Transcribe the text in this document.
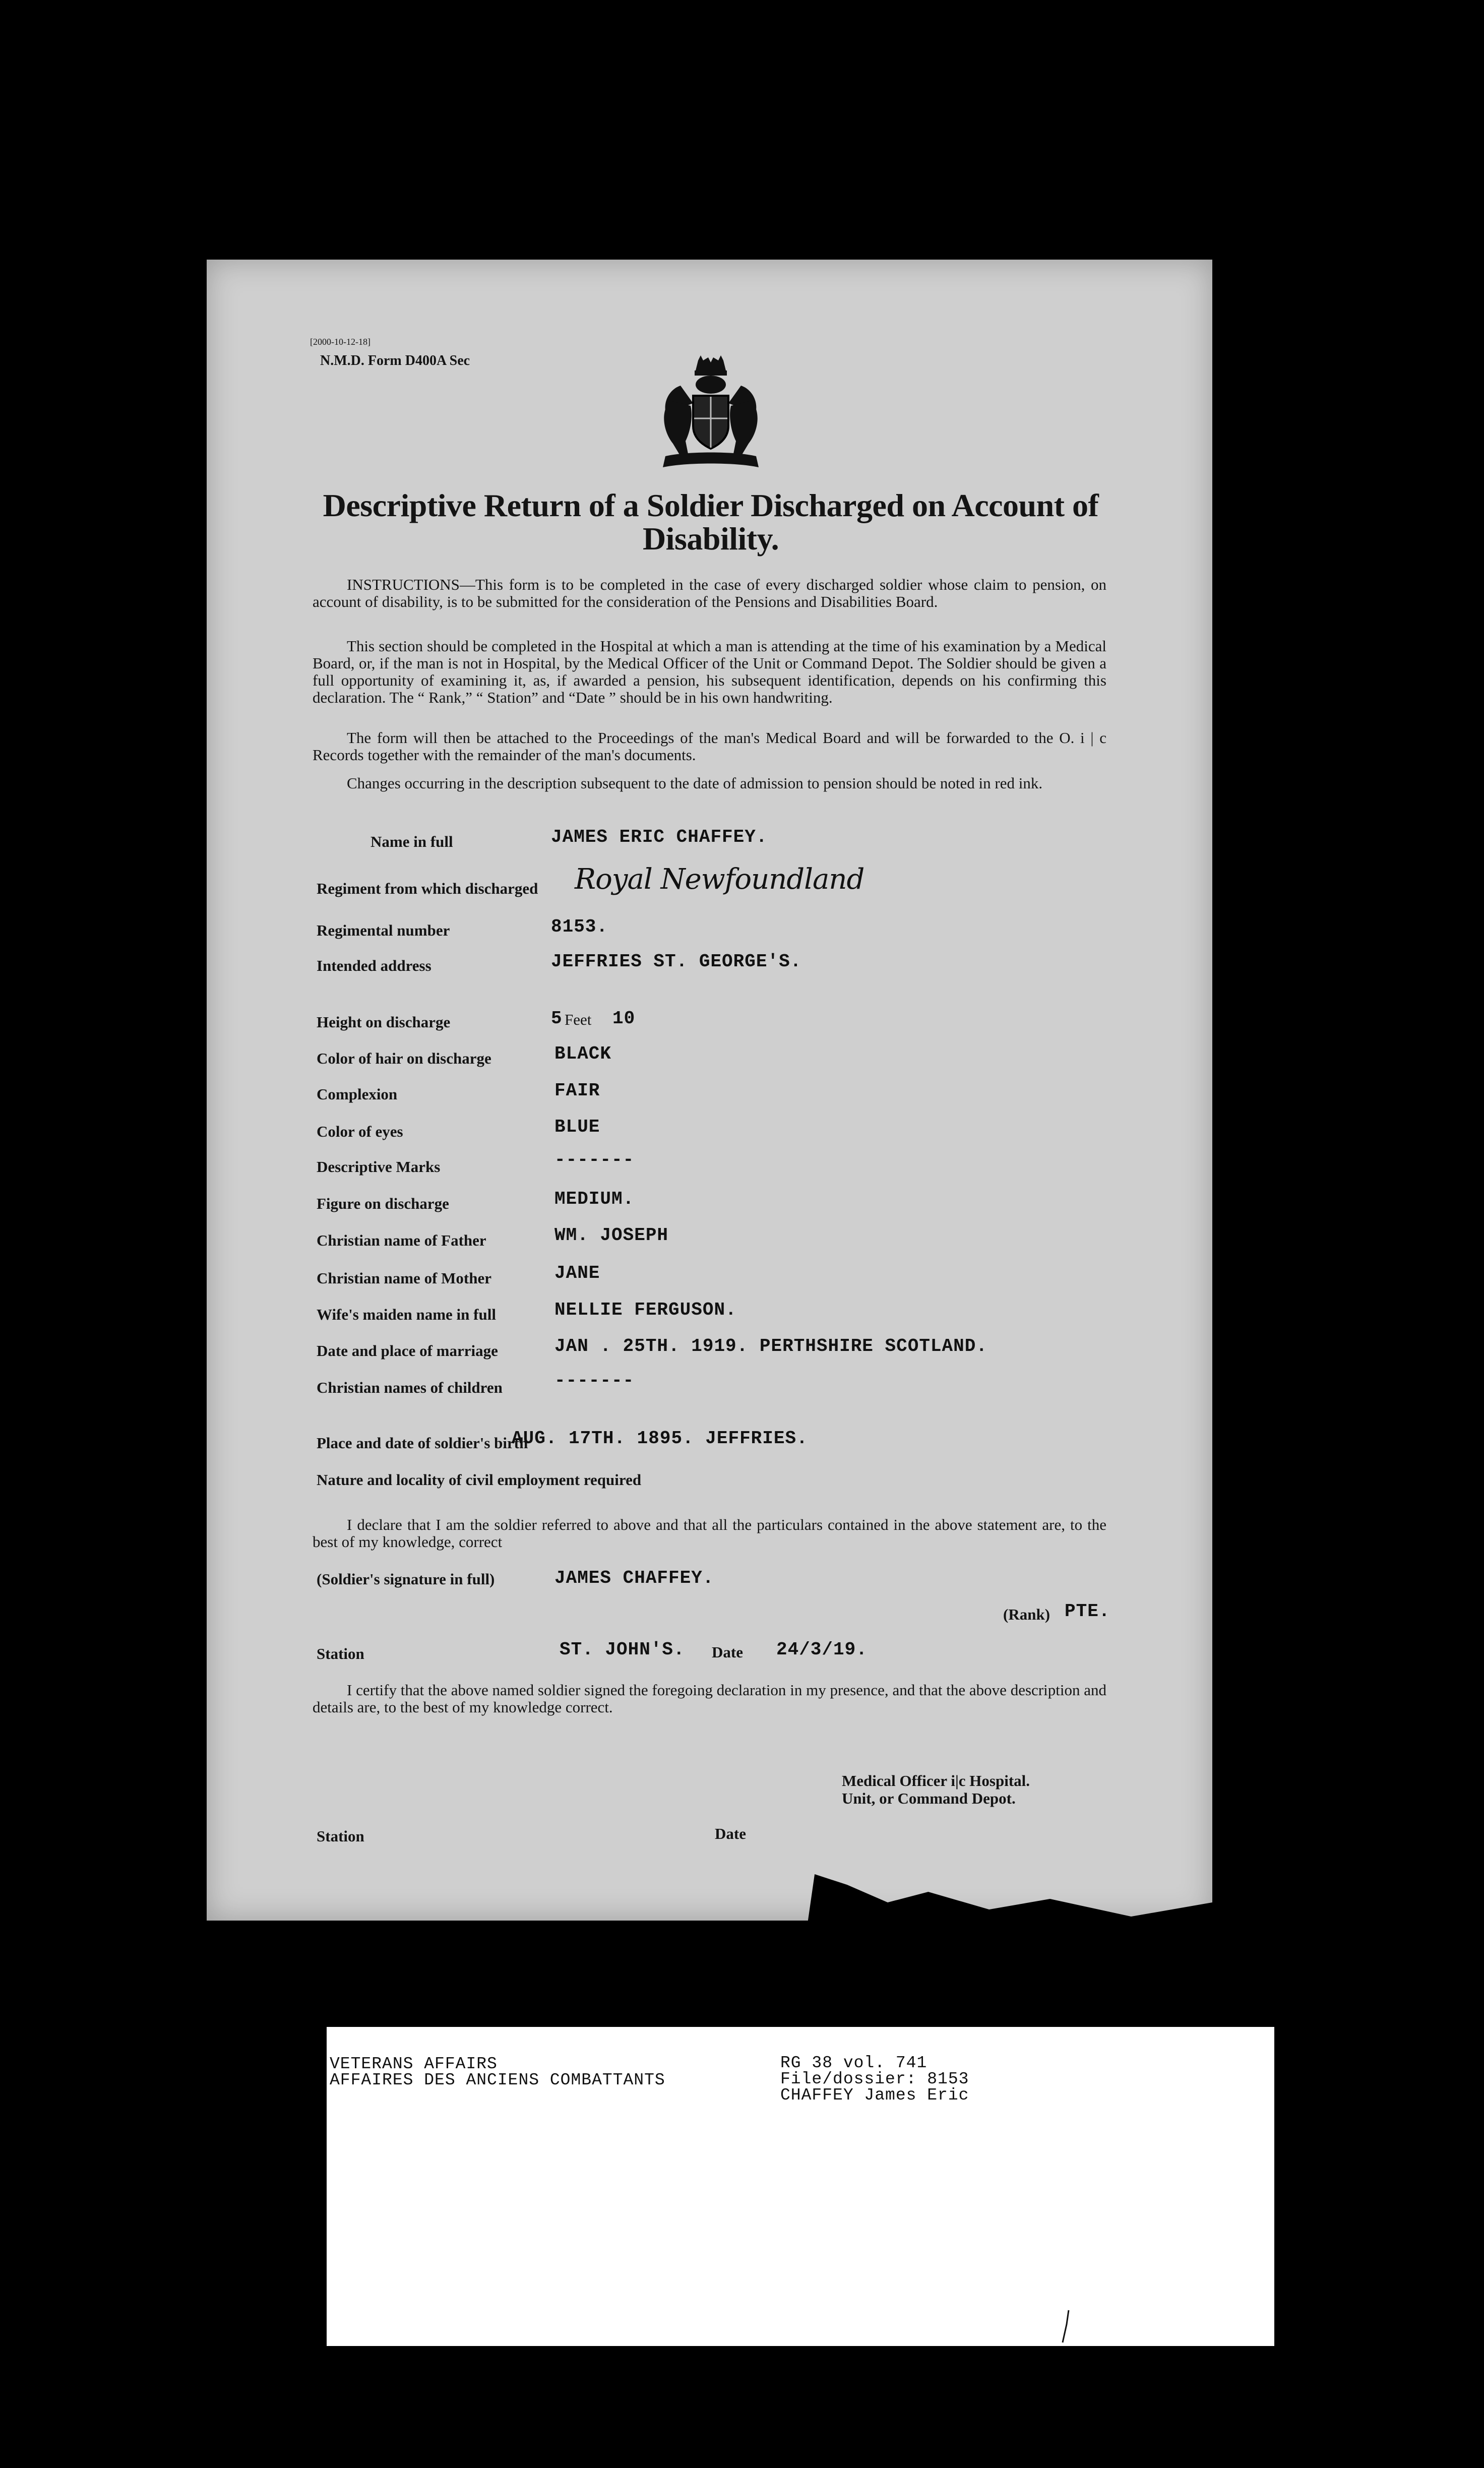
[2000-10-12-18]
N.M.D. Form D400A Sec
Descriptive Return of a Soldier Discharged on Account of Disability.
INSTRUCTIONS—This form is to be completed in the case of every discharged soldier whose claim to pension, on account of disability, is to be submitted for the consideration of the Pensions and Disabilities Board.
This section should be completed in the Hospital at which a man is attending at the time of his examination by a Medical Board, or, if the man is not in Hospital, by the Medical Officer of the Unit or Command Depot. The Soldier should be given a full opportunity of examining it, as, if awarded a pension, his subsequent identification, depends on his confirming this declaration. The “ Rank,” “ Station” and “Date ” should be in his own handwriting.
The form will then be attached to the Proceedings of the man's Medical Board and will be forwarded to the O. i | c Records together with the remainder of the man's documents.
Changes occurring in the description subsequent to the date of admission to pension should be noted in red ink.
Name in full	JAMES ERIC CHAFFEY.
Regiment from which discharged Royal Newfoundland
Regimental number	8153.
Intended address	JEFFRIES ST. GEORGE'S.
Height on discharge	5 Feet 10
Color of hair on discharge	BLACK
Complexion	FAIR
Color of eyes	BLUE
Descriptive Marks	-------
Figure on discharge	MEDIUM.
Christian name of Father	WM. JOSEPH
Christian name of Mother	JANE
Wife's maiden name in full	NELLIE FERGUSON.
Date and place of marriage	JAN . 25TH. 1919. PERTHSHIRE SCOTLAND.
Christian names of children	-------
Place and date of soldier's birth
AUG. 17TH. 1895. JEFFRIES.
Nature and locality of civil employment required
I declare that I am the soldier referred to above and that all the particulars contained in the above statement are, to the best of my knowledge, correct
(Soldier's signature in full)	JAMES CHAFFEY.
(Rank) PTE.
Station	ST. JOHN'S. Date 24/3/19.
I certify that the above named soldier signed the foregoing declaration in my presence, and that the above description and details are, to the best of my knowledge correct.
Medical Officer i|c Hospital.
Unit, or Command Depot.
Station	Date
VETERANS AFFAIRS
AFFAIRES DES ANCIENS COMBATTANTS
RG 38 vol. 741
File/dossier: 8153
CHAFFEY James Eric
